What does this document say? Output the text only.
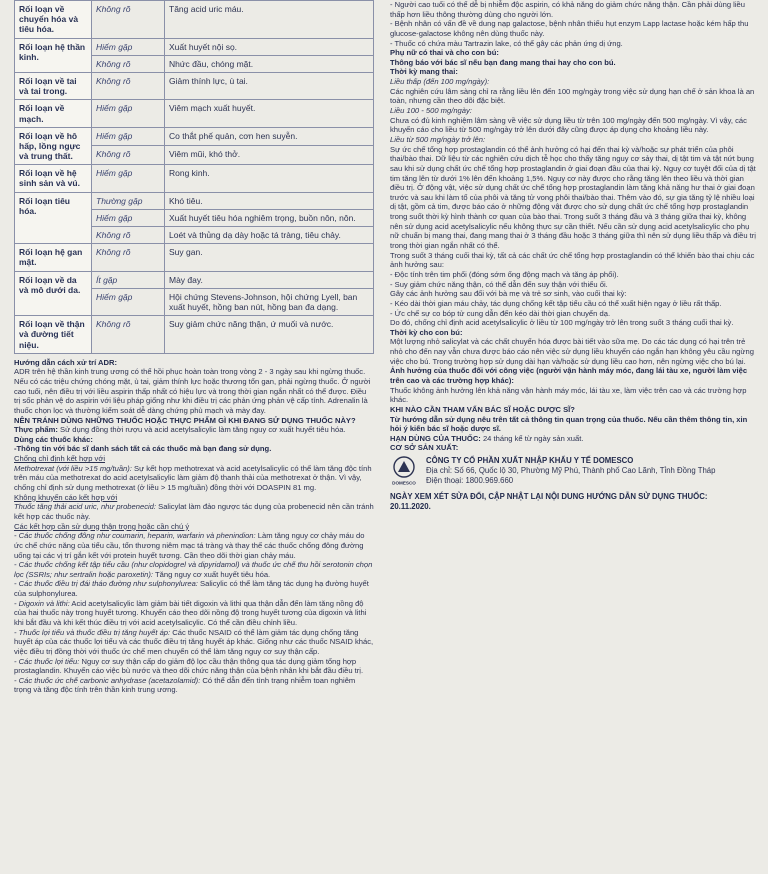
Rối loạn về chuyển hóa và tiêu hóa.	Không rõ	Tăng acid uric máu.
Rối loạn hệ thần kinh.	Hiếm gặp	Xuất huyết nội sọ.
	Không rõ	Nhức đầu, chóng mặt.
Rối loạn về tai và tai trong.	Không rõ	Giảm thính lực, ù tai.
Rối loạn về mạch.	Hiếm gặp	Viêm mạch xuất huyết.
Rối loạn về hô hấp, lồng ngực và trung thất.	Hiếm gặp	Co thắt phế quản, cơn hen suyễn.
	Không rõ	Viêm mũi, khó thở.
Rối loạn về hệ sinh sản và vú.	Hiếm gặp	Rong kinh.
Rối loạn tiêu hóa.	Thường gặp	Khó tiêu.
	Hiếm gặp	Xuất huyết tiêu hóa nghiêm trọng, buồn nôn, nôn.
	Không rõ	Loét và thủng dạ dày hoặc tá tràng, tiêu chảy.
Rối loạn hệ gan mật.	Không rõ	Suy gan.
Rối loạn về da và mô dưới da.	Ít gặp	Mày đay.
	Hiếm gặp	Hội chứng Stevens-Johnson, hội chứng Lyell, ban xuất huyết, hồng ban nút, hồng ban đa dạng.
Rối loạn về thận và đường tiết niệu.	Không rõ	Suy giảm chức năng thận, ứ muối và nước.

Hướng dẫn cách xử trí ADR:

ADR trên hệ thần kinh trung ương có thể hồi phục hoàn toàn trong vòng 2 - 3 ngày sau khi ngừng thuốc. Nếu có các triệu chứng chóng mặt, ù tai, giảm thính lực hoặc thương tổn gan, phải ngừng thuốc. Ở người cao tuổi, nên điều trị với liều aspirin thấp nhất có hiệu lực và trong thời gian ngắn nhất có thể được. Điều trị sốc phản vệ do aspirin với liệu pháp giống như khi điều trị các phản ứng phản vệ cấp tính. Adrenalin là thuốc chọn lọc và thường kiểm soát dễ dàng chứng phù mạch và mày đay.

NÊN TRÁNH DÙNG NHỮNG THUỐC HOẶC THỰC PHẨM GÌ KHI ĐANG SỬ DỤNG THUỐC NÀY?

Thực phẩm: Sử dụng đồng thời rượu và acid acetylsalicylic làm tăng nguy cơ xuất huyết tiêu hóa.

Dùng các thuốc khác:

-Thông tin với bác sĩ danh sách tất cả các thuốc mà bạn đang sử dụng.

Chống chỉ định kết hợp với

Methotrexat (với liều >15 mg/tuần): Sự kết hợp methotrexat và acid acetylsalicylic có thể làm tăng độc tính trên máu của methotrexat do acid acetylsalicylic làm giảm độ thanh thải của methotrexat ở thận. Vì vậy, chống chỉ định sử dụng methotrexat (ở liều > 15 mg/tuần) đồng thời với DOASPIN 81 mg.

Không khuyến cáo kết hợp với

Thuốc tăng thải acid uric, như probenecid: Salicylat làm đảo ngược tác dụng của probenecid nên cần tránh kết hợp các thuốc này.

Các kết hợp cần sử dụng thận trọng hoặc cần chú ý

- Các thuốc chống đông như coumarin, heparin, warfarin và phenindion: Làm tăng nguy cơ chảy máu do ức chế chức năng của tiểu cầu, tổn thương niêm mạc tá tràng và thay thế các thuốc chống đông đường uống tại các vị trí gắn kết với protein huyết tương. Cần theo dõi thời gian chảy máu.

- Các thuốc chống kết tập tiểu cầu (như clopidogrel và dipyridamol) và thuốc ức chế thu hồi serotonin chọn lọc (SSRIs; như sertralin hoặc paroxetin): Tăng nguy cơ xuất huyết tiêu hóa.

- Các thuốc điều trị đái tháo đường như sulphonylurea: Salicylic có thể làm tăng tác dụng hạ đường huyết của sulphonylurea.

- Digoxin và lithi: Acid acetylsalicylic làm giảm bài tiết digoxin và lithi qua thận dẫn đến làm tăng nồng độ của hai thuốc này trong huyết tương. Khuyến cáo theo dõi nồng độ trong huyết tương của digoxin và lithi khi bắt đầu và khi kết thúc điều trị với acid acetylsalicylic. Có thể cần điều chỉnh liều.

- Thuốc lợi tiểu và thuốc điều trị tăng huyết áp: Các thuốc NSAID có thể làm giảm tác dụng chống tăng huyết áp của các thuốc lợi tiểu và các thuốc điều trị tăng huyết áp khác. Giống như các thuốc NSAID khác, việc điều trị đồng thời với thuốc ức chế men chuyển có thể làm tăng nguy cơ suy thận cấp.

- Các thuốc lợi tiểu: Nguy cơ suy thận cấp do giảm độ lọc cầu thận thông qua tác dụng giảm tổng hợp prostaglandin. Khuyến cáo việc bù nước và theo dõi chức năng thận của bệnh nhân khi bắt đầu điều trị.

- Các thuốc ức chế carbonic anhydrase (acetazolamid): Có thể dẫn đến tình trạng nhiễm toan nghiêm trọng và tăng độc tính trên thần kinh trung ương.

- Người cao tuổi có thể dễ bị nhiễm độc aspirin, có khả năng do giảm chức năng thận. Cần phải dùng liều thấp hơn liều thông thường dùng cho người lớn.

- Bệnh nhân có vấn đề về dung nạp galactose, bệnh nhân thiếu hụt enzym Lapp lactase hoặc kém hấp thu glucose-galactose không nên dùng thuốc này.

- Thuốc có chứa màu Tartrazin lake, có thể gây các phản ứng dị ứng.

Phụ nữ có thai và cho con bú:

Thông báo với bác sĩ nếu bạn đang mang thai hay cho con bú.

Thời kỳ mang thai:

Liều thấp (đến 100 mg/ngày):

Các nghiên cứu lâm sàng chỉ ra rằng liều lên đến 100 mg/ngày trong việc sử dụng hạn chế ở sản khoa là an toàn, nhưng cần theo dõi đặc biệt.

Liều 100 - 500 mg/ngày:

Chưa có đủ kinh nghiệm lâm sàng về việc sử dụng liều từ trên 100 mg/ngày đến 500 mg/ngày. Vì vậy, các khuyến cáo cho liều từ 500 mg/ngày trở lên dưới đây cũng được áp dụng cho khoảng liều này.

Liều từ 500 mg/ngày trở lên:

Sự ức chế tổng hợp prostaglandin có thể ảnh hưởng có hại đến thai kỳ và/hoặc sự phát triển của phôi thai/bào thai. Dữ liệu từ các nghiên cứu dịch tễ học cho thấy tăng nguy cơ sảy thai, dị tật tim và tật nứt bụng sau khi sử dụng chất ức chế tổng hợp prostaglandin ở giai đoạn đầu của thai kỳ. Nguy cơ tuyệt đối của dị tật tim tăng lên từ dưới 1% lên đến khoảng 1,5%. Nguy cơ này được cho rằng tăng lên theo liều và thời gian điều trị. Ở động vật, việc sử dụng chất ức chế tổng hợp prostaglandin làm tăng khả năng hư thai ở giai đoạn trước và sau khi làm tổ của phôi và tăng tử vong phôi thai/bào thai. Thêm vào đó, sự gia tăng tỷ lệ nhiều loại dị tật, gồm cả tim, được báo cáo ở những động vật được cho sử dụng chất ức chế tổng hợp prostaglandin trong suốt thời kỳ hình thành cơ quan của bào thai. Trong suốt 3 tháng đầu và 3 tháng giữa thai kỳ, không nên sử dụng acid acetylsalicylic nếu không thực sự cần thiết. Nếu cần sử dụng acid acetylsalicylic cho phụ nữ chuẩn bị mang thai, đang mang thai ở 3 tháng đầu hoặc 3 tháng giữa thì nên sử dụng liều thấp và điều trị trong thời gian ngắn nhất có thể.

Trong suốt 3 tháng cuối thai kỳ, tất cả các chất ức chế tổng hợp prostaglandin có thể khiến bào thai chịu các ảnh hưởng sau:

- Độc tính trên tim phổi (đóng sớm ống động mạch và tăng áp phổi).

- Suy giảm chức năng thận, có thể dẫn đến suy thận với thiểu ối.

Gây các ảnh hưởng sau đối với bà mẹ và trẻ sơ sinh, vào cuối thai kỳ:

- Kéo dài thời gian máu chảy, tác dụng chống kết tập tiểu cầu có thể xuất hiện ngay ở liều rất thấp.

- Ức chế sự co bóp tử cung dẫn đến kéo dài thời gian chuyển dạ.

Do đó, chống chỉ định acid acetylsalicylic ở liều từ 100 mg/ngày trở lên trong suốt 3 tháng cuối thai kỳ.

Thời kỳ cho con bú:

Một lượng nhỏ salicylat và các chất chuyển hóa được bài tiết vào sữa mẹ. Do các tác dụng có hại trên trẻ nhỏ cho đến nay vẫn chưa được báo cáo nên việc sử dụng liều khuyến cáo ngắn hạn không yêu cầu ngừng việc cho bú. Trong trường hợp sử dụng dài hạn và/hoặc sử dụng liều cao hơn, nên ngừng việc cho bú lại.

Ảnh hưởng của thuốc đối với công việc (người vận hành máy móc, đang lái tàu xe, người làm việc trên cao và các trường hợp khác):

Thuốc không ảnh hưởng lên khả năng vận hành máy móc, lái tàu xe, làm việc trên cao và các trường hợp khác.

KHI NÀO CẦN THAM VẤN BÁC SĨ HOẶC DƯỢC SĨ?

Từ hướng dẫn sử dụng nêu trên tất cả thông tin quan trọng của thuốc. Nếu cần thêm thông tin, xin hỏi ý kiến bác sĩ hoặc dược sĩ.

HẠN DÙNG CỦA THUỐC: 24 tháng kể từ ngày sản xuất.

CƠ SỞ SẢN XUẤT:

DOMESCO
CÔNG TY CỔ PHẦN XUẤT NHẬP KHẨU Y TẾ DOMESCO
Địa chỉ: Số 66, Quốc lộ 30, Phường Mỹ Phú, Thành phố Cao Lãnh, Tỉnh Đồng Tháp
Điện thoại: 1800.969.660
NGÀY XEM XÉT SỬA ĐỔI, CẬP NHẬT LẠI NỘI DUNG HƯỚNG DẪN SỬ DỤNG THUỐC:
20.11.2020.
